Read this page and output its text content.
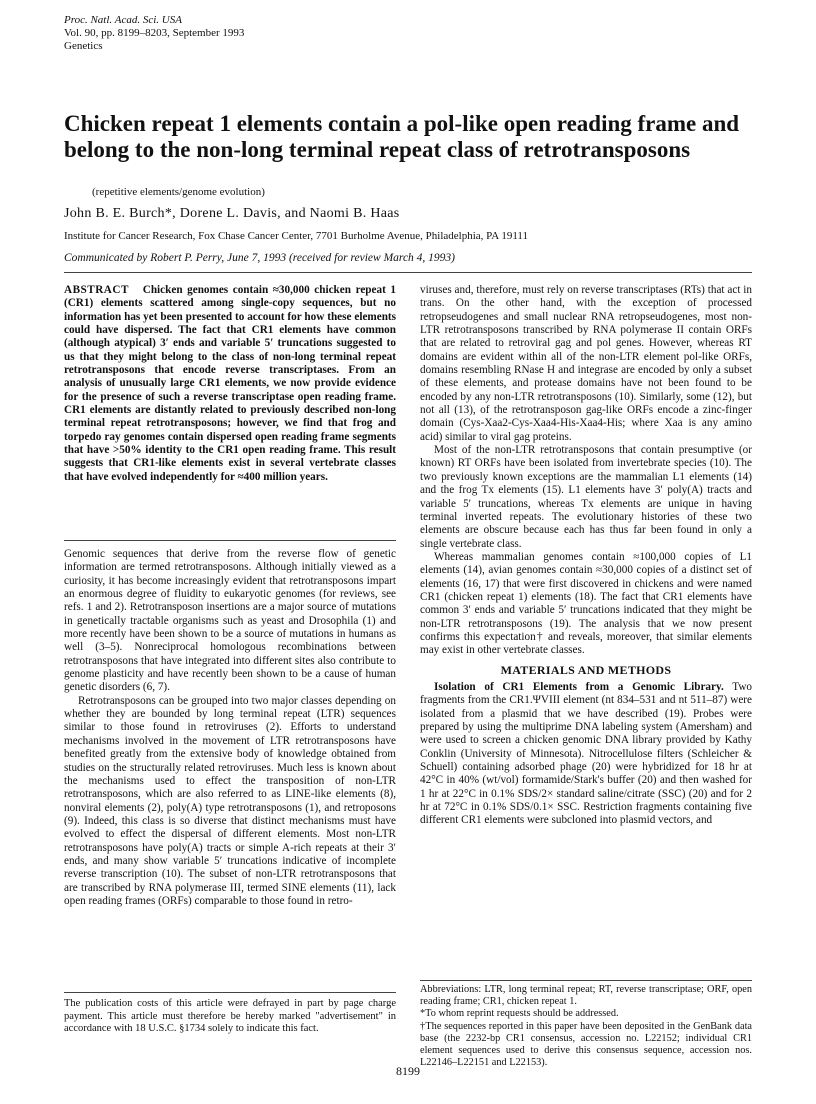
Proc. Natl. Acad. Sci. USA
Vol. 90, pp. 8199–8203, September 1993
Genetics
Chicken repeat 1 elements contain a pol-like open reading frame and belong to the non-long terminal repeat class of retrotransposons
(repetitive elements/genome evolution)
John B. E. Burch*, Dorene L. Davis, and Naomi B. Haas
Institute for Cancer Research, Fox Chase Cancer Center, 7701 Burholme Avenue, Philadelphia, PA 19111
Communicated by Robert P. Perry, June 7, 1993 (received for review March 4, 1993)
ABSTRACT Chicken genomes contain ≈30,000 chicken repeat 1 (CR1) elements scattered among single-copy sequences, but no information has yet been presented to account for how these elements could have dispersed. The fact that CR1 elements have common (although atypical) 3′ ends and variable 5′ truncations suggested to us that they might belong to the class of non-long terminal repeat retrotransposons that encode reverse transcriptases. From an analysis of unusually large CR1 elements, we now provide evidence for the presence of such a reverse transcriptase open reading frame. CR1 elements are distantly related to previously described non-long terminal repeat retrotransposons; however, we find that frog and torpedo ray genomes contain dispersed open reading frame segments that have >50% identity to the CR1 open reading frame. This result suggests that CR1-like elements exist in several vertebrate classes that have evolved independently for ≈400 million years.

Genomic sequences that derive from the reverse flow of genetic information are termed retrotransposons. Although initially viewed as a curiosity, it has become increasingly evident that retrotransposons impart an enormous degree of fluidity to eukaryotic genomes (for reviews, see refs. 1 and 2). Retrotransposon insertions are a major source of mutations in genetically tractable organisms such as yeast and Drosophila (1) and more recently have been shown to be a source of mutations in humans as well (3–5). Nonreciprocal homologous recombinations between retrotransposons that have integrated into different sites also contribute to genome plasticity and have recently been shown to be a cause of human genetic disorders (6, 7).

Retrotransposons can be grouped into two major classes depending on whether they are bounded by long terminal repeat (LTR) sequences similar to those found in retroviruses (2). Efforts to understand mechanisms involved in the movement of LTR retrotransposons have benefited greatly from the extensive body of knowledge obtained from studies on the structurally related retroviruses. Much less is known about the mechanisms used to effect the transposition of non-LTR retrotransposons, which are also referred to as LINE-like elements (8), nonviral elements (2), poly(A) type retrotransposons (1), and retroposons (9). Indeed, this class is so diverse that distinct mechanisms must have evolved to effect the dispersal of different elements. Most non-LTR retrotransposons have poly(A) tracts or simple A-rich repeats at their 3′ ends, and many show variable 5′ truncations indicative of incomplete reverse transcription (10). The subset of non-LTR retrotransposons that are transcribed by RNA polymerase III, termed SINE elements (11), lack open reading frames (ORFs) comparable to those found in retro-

viruses and, therefore, must rely on reverse transcriptases (RTs) that act in trans. On the other hand, with the exception of processed retropseudogenes and small nuclear RNA retropseudogenes, most non-LTR retrotransposons transcribed by RNA polymerase II contain ORFs that are related to retroviral gag and pol genes. However, whereas RT domains are evident within all of the non-LTR element pol-like ORFs, domains resembling RNase H and integrase are encoded by only a subset of these elements, and protease domains have not been found to be encoded by any non-LTR retrotransposons (10). Similarly, some (12), but not all (13), of the retrotransposon gag-like ORFs encode a zinc-finger domain (Cys-Xaa2-Cys-Xaa4-His-Xaa4-His; where Xaa is any amino acid) similar to viral gag proteins.

Most of the non-LTR retrotransposons that contain presumptive (or known) RT ORFs have been isolated from invertebrate species (10). The two previously known exceptions are the mammalian L1 elements (14) and the frog Tx elements (15). L1 elements have 3′ poly(A) tracts and variable 5′ truncations, whereas Tx elements are unique in having terminal inverted repeats. The evolutionary histories of these two elements are obscure because each has thus far been found in only a single vertebrate class.

Whereas mammalian genomes contain ≈100,000 copies of L1 elements (14), avian genomes contain ≈30,000 copies of a distinct set of elements (16, 17) that were first discovered in chickens and were named CR1 (chicken repeat 1) elements (18). The fact that CR1 elements have common 3′ ends and variable 5′ truncations indicated that they might be non-LTR retrotransposons (19). The analysis that we now present confirms this expectation† and reveals, moreover, that similar elements may exist in other vertebrate classes.

MATERIALS AND METHODS

Isolation of CR1 Elements from a Genomic Library. Two fragments from the CR1.ΨVIII element (nt 834–531 and nt 511–87) were isolated from a plasmid that we have described (19). Probes were prepared by using the multiprime DNA labeling system (Amersham) and were used to screen a chicken genomic DNA library provided by Kathy Conklin (University of Minnesota). Nitrocellulose filters (Schleicher & Schuell) containing adsorbed phage (20) were hybridized for 18 hr at 42°C in 40% (wt/vol) formamide/Stark's buffer (20) and then washed for 1 hr at 22°C in 0.1% SDS/2× standard saline/citrate (SSC) (20) and for 2 hr at 72°C in 0.1% SDS/0.1× SSC. Restriction fragments containing five different CR1 elements were subcloned into plasmid vectors, and

The publication costs of this article were defrayed in part by page charge payment. This article must therefore be hereby marked "advertisement" in accordance with 18 U.S.C. §1734 solely to indicate this fact.

Abbreviations: LTR, long terminal repeat; RT, reverse transcriptase; ORF, open reading frame; CR1, chicken repeat 1.

*To whom reprint requests should be addressed.

†The sequences reported in this paper have been deposited in the GenBank data base (the 2232-bp CR1 consensus, accession no. L22152; individual CR1 element sequences used to derive this consensus sequence, accession nos. L22146–L22151 and L22153).

8199
